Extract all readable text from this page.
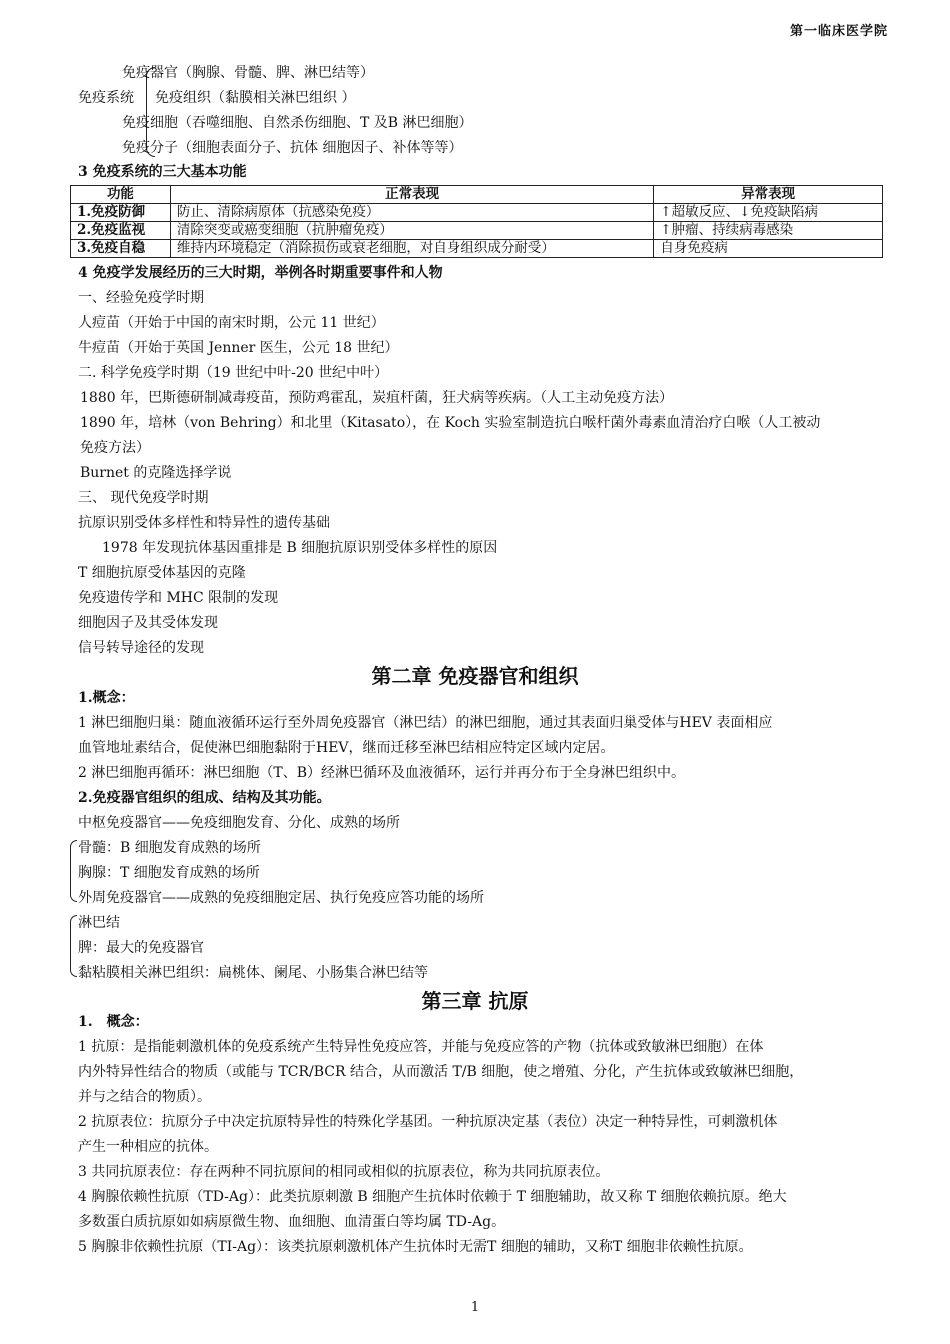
第一临床医学院
免疫系统
免疫器官（胸腺、骨髓、脾、淋巴结等）
免疫组织（黏膜相关淋巴组织 ）
免疫细胞（吞噬细胞、自然杀伤细胞、T 及B 淋巴细胞）
免疫分子（细胞表面分子、抗体 细胞因子、补体等等）
3 免疫系统的三大基本功能
功能	正常表现	异常表现
1.免疫防御	防止、清除病原体（抗感染免疫）	↑超敏反应、↓免疫缺陷病
2.免疫监视	清除突变或癌变细胞（抗肿瘤免疫）	↑肿瘤、持续病毒感染
3.免疫自稳	维持内环境稳定（消除损伤或衰老细胞，对自身组织成分耐受）	自身免疫病
4 免疫学发展经历的三大时期，举例各时期重要事件和人物
一、经验免疫学时期
人痘苗（开始于中国的南宋时期，公元 11 世纪）
牛痘苗（开始于英国 Jenner 医生，公元 18 世纪）
二. 科学免疫学时期（19 世纪中叶-20 世纪中叶）
1880 年，巴斯德研制减毒疫苗，预防鸡霍乱，炭疽杆菌，狂犬病等疾病。（人工主动免疫方法）
1890 年，培林（von Behring）和北里（Kitasato），在 Koch 实验室制造抗白喉杆菌外毒素血清治疗白喉（人工被动
免疫方法）
Burnet 的克隆选择学说
三、 现代免疫学时期
抗原识别受体多样性和特异性的遗传基础
1978 年发现抗体基因重排是 B 细胞抗原识别受体多样性的原因
T 细胞抗原受体基因的克隆
免疫遗传学和 MHC 限制的发现
细胞因子及其受体发现
信号转导途径的发现
第二章 免疫器官和组织
1.概念：
1 淋巴细胞归巢：随血液循环运行至外周免疫器官（淋巴结）的淋巴细胞，通过其表面归巢受体与HEV 表面相应
血管地址素结合，促使淋巴细胞黏附于HEV，继而迁移至淋巴结相应特定区域内定居。
2 淋巴细胞再循环：淋巴细胞（T、B）经淋巴循环及血液循环，运行并再分布于全身淋巴组织中。
2.免疫器官组织的组成、结构及其功能。
中枢免疫器官——免疫细胞发育、分化、成熟的场所
骨髓：B 细胞发育成熟的场所
胸腺：T 细胞发育成熟的场所
外周免疫器官——成熟的免疫细胞定居、执行免疫应答功能的场所
淋巴结
脾：最大的免疫器官
黏粘膜相关淋巴组织：扁桃体、阑尾、小肠集合淋巴结等
第三章 抗原
1.　概念：
1 抗原：是指能刺激机体的免疫系统产生特异性免疫应答，并能与免疫应答的产物（抗体或致敏淋巴细胞）在体
内外特异性结合的物质（或能与 TCR/BCR 结合，从而激活 T/B 细胞，使之增殖、分化，产生抗体或致敏淋巴细胞，
并与之结合的物质）。
2 抗原表位：抗原分子中决定抗原特异性的特殊化学基团。一种抗原决定基（表位）决定一种特异性，可刺激机体
产生一种相应的抗体。
3 共同抗原表位：存在两种不同抗原间的相同或相似的抗原表位，称为共同抗原表位。
4 胸腺依赖性抗原（TD-Ag）：此类抗原刺激 B 细胞产生抗体时依赖于 T 细胞辅助，故又称 T 细胞依赖抗原。绝大
多数蛋白质抗原如如病原微生物、血细胞、血清蛋白等均属 TD-Ag。
5 胸腺非依赖性抗原（TI-Ag）：该类抗原刺激机体产生抗体时无需T 细胞的辅助，又称T 细胞非依赖性抗原。
1
